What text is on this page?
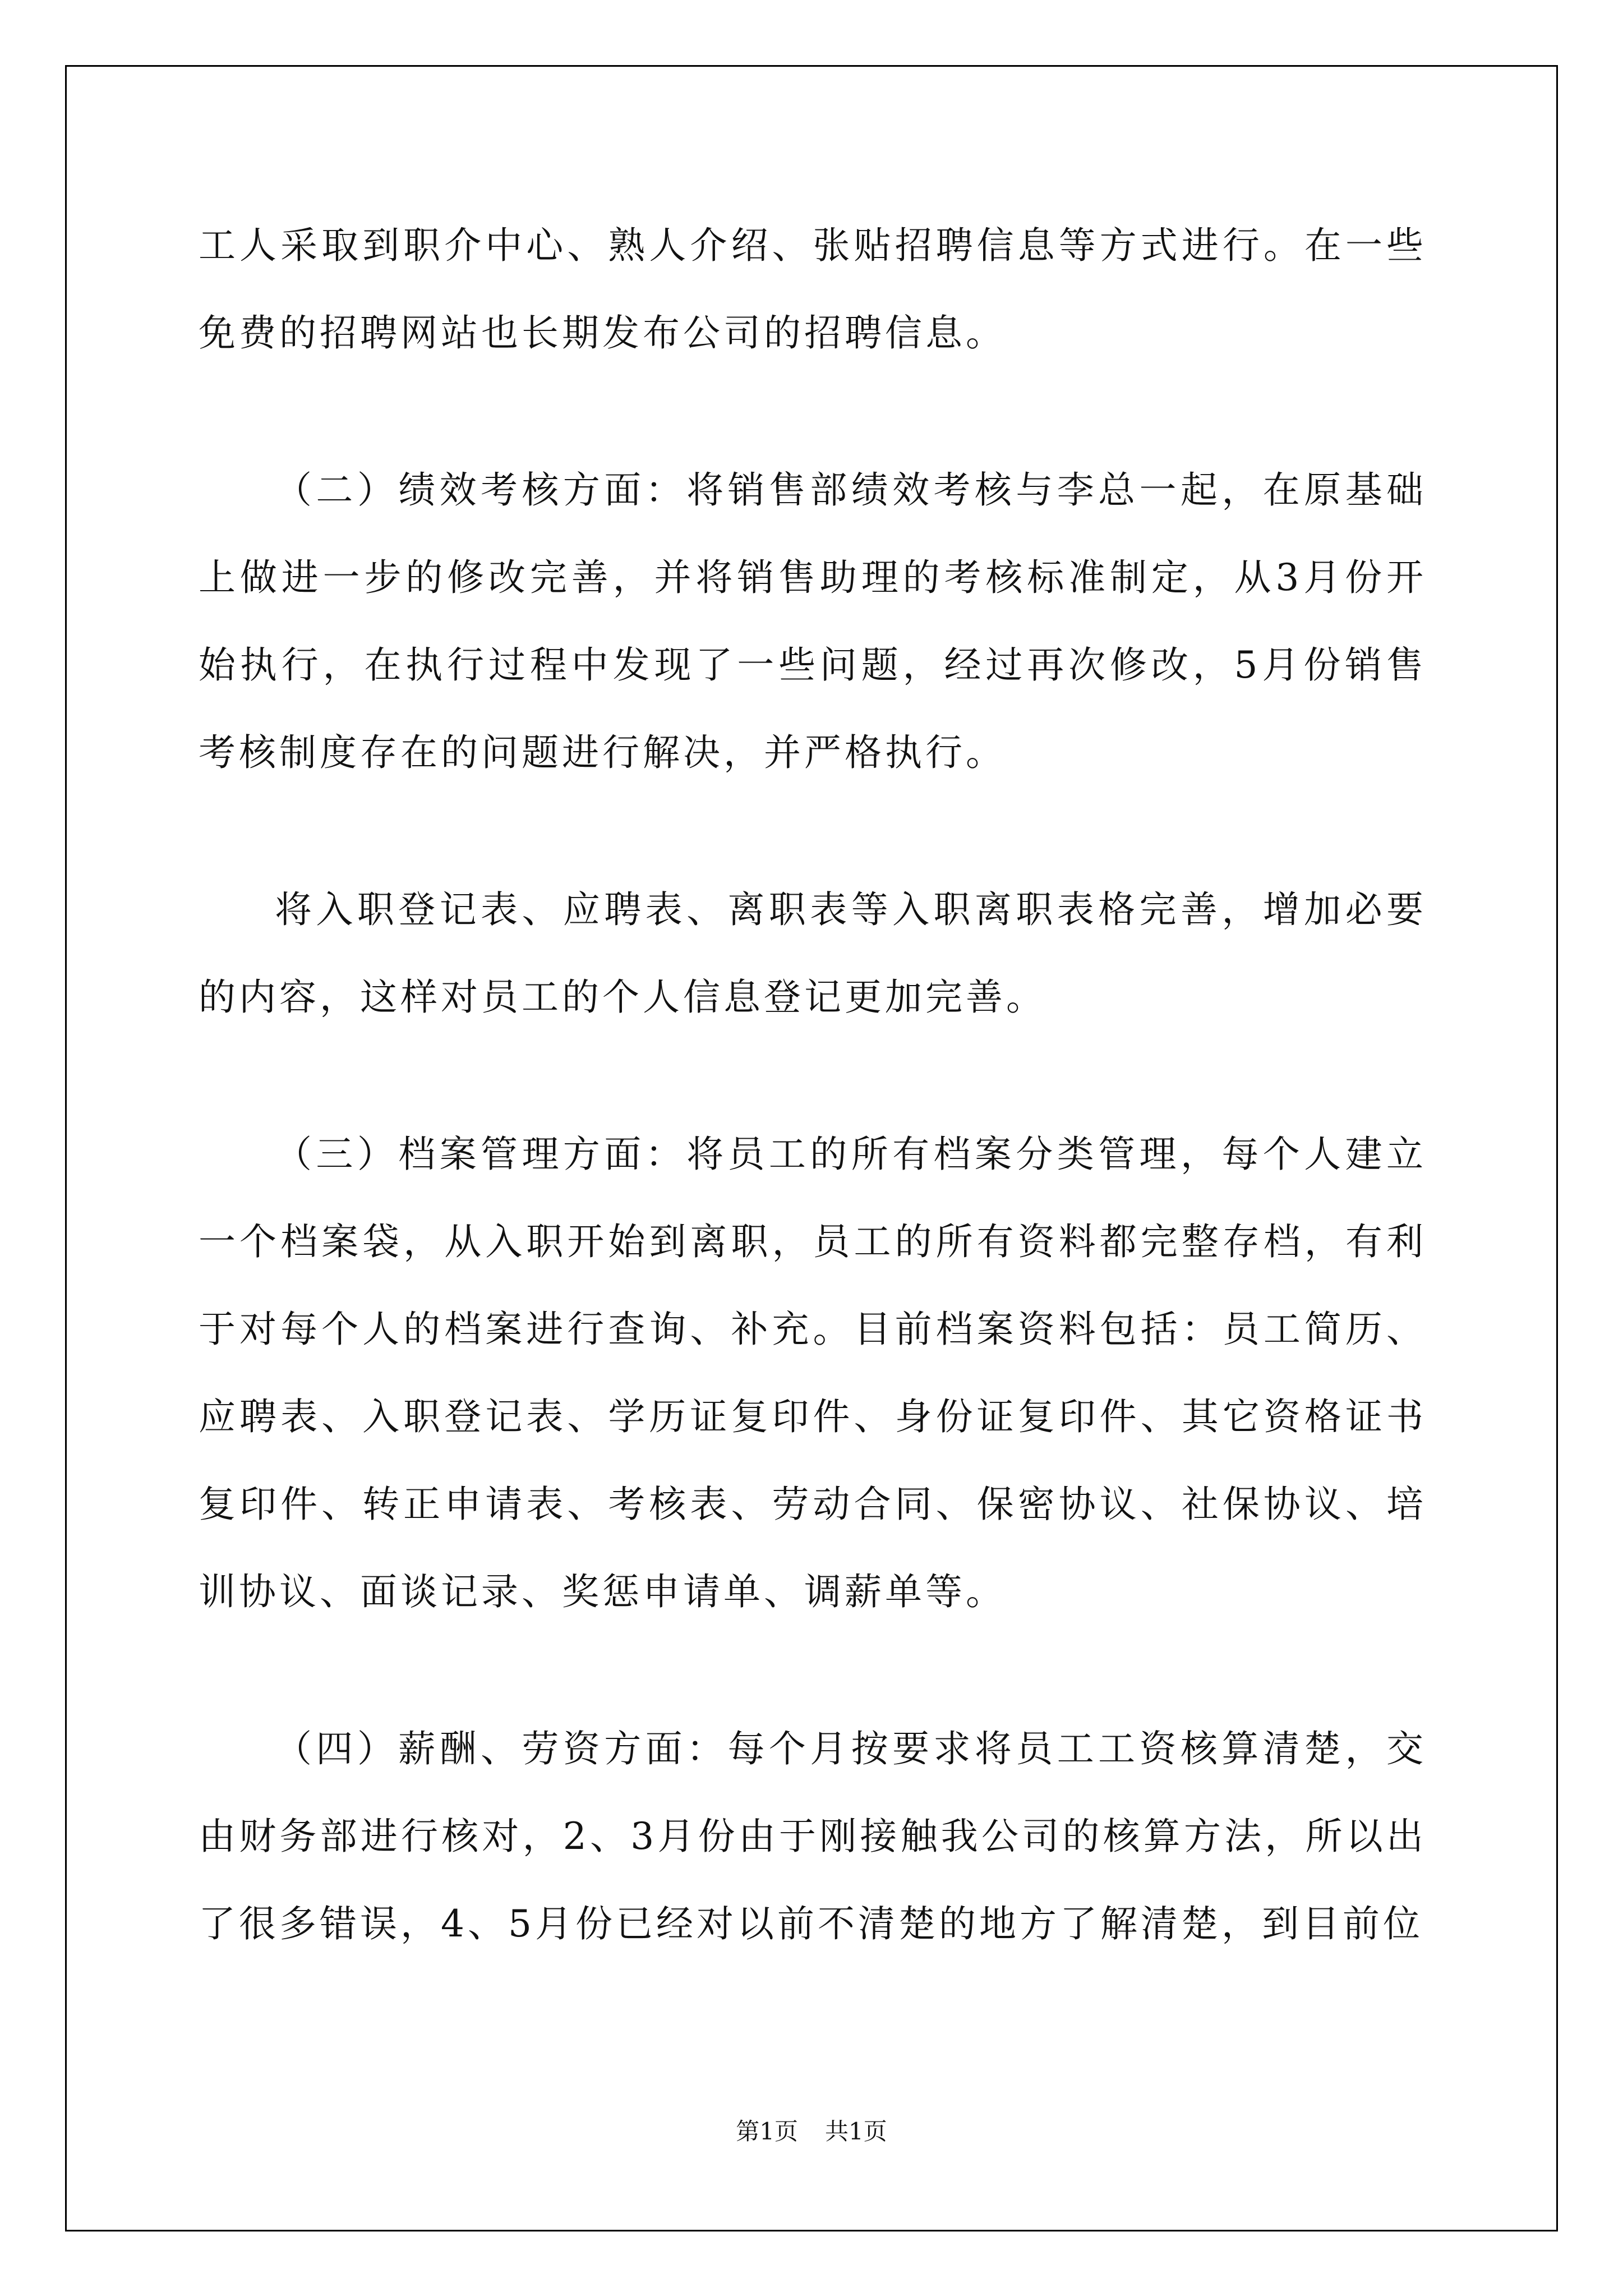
工人采取到职介中心、熟人介绍、张贴招聘信息等方式进行。在一些免费的招聘网站也长期发布公司的招聘信息。

（二）绩效考核方面：将销售部绩效考核与李总一起，在原基础上做进一步的修改完善，并将销售助理的考核标准制定，从3月份开始执行，在执行过程中发现了一些问题，经过再次修改，5月份销售考核制度存在的问题进行解决，并严格执行。

将入职登记表、应聘表、离职表等入职离职表格完善，增加必要的内容，这样对员工的个人信息登记更加完善。

（三）档案管理方面：将员工的所有档案分类管理，每个人建立一个档案袋，从入职开始到离职，员工的所有资料都完整存档，有利于对每个人的档案进行查询、补充。目前档案资料包括：员工简历、应聘表、入职登记表、学历证复印件、身份证复印件、其它资格证书复印件、转正申请表、考核表、劳动合同、保密协议、社保协议、培训协议、面谈记录、奖惩申请单、调薪单等。

（四）薪酬、劳资方面：每个月按要求将员工工资核算清楚，交由财务部进行核对，2、3月份由于刚接触我公司的核算方法，所以出了很多错误，4、5月份已经对以前不清楚的地方了解清楚，到目前位

第1页 共1页
